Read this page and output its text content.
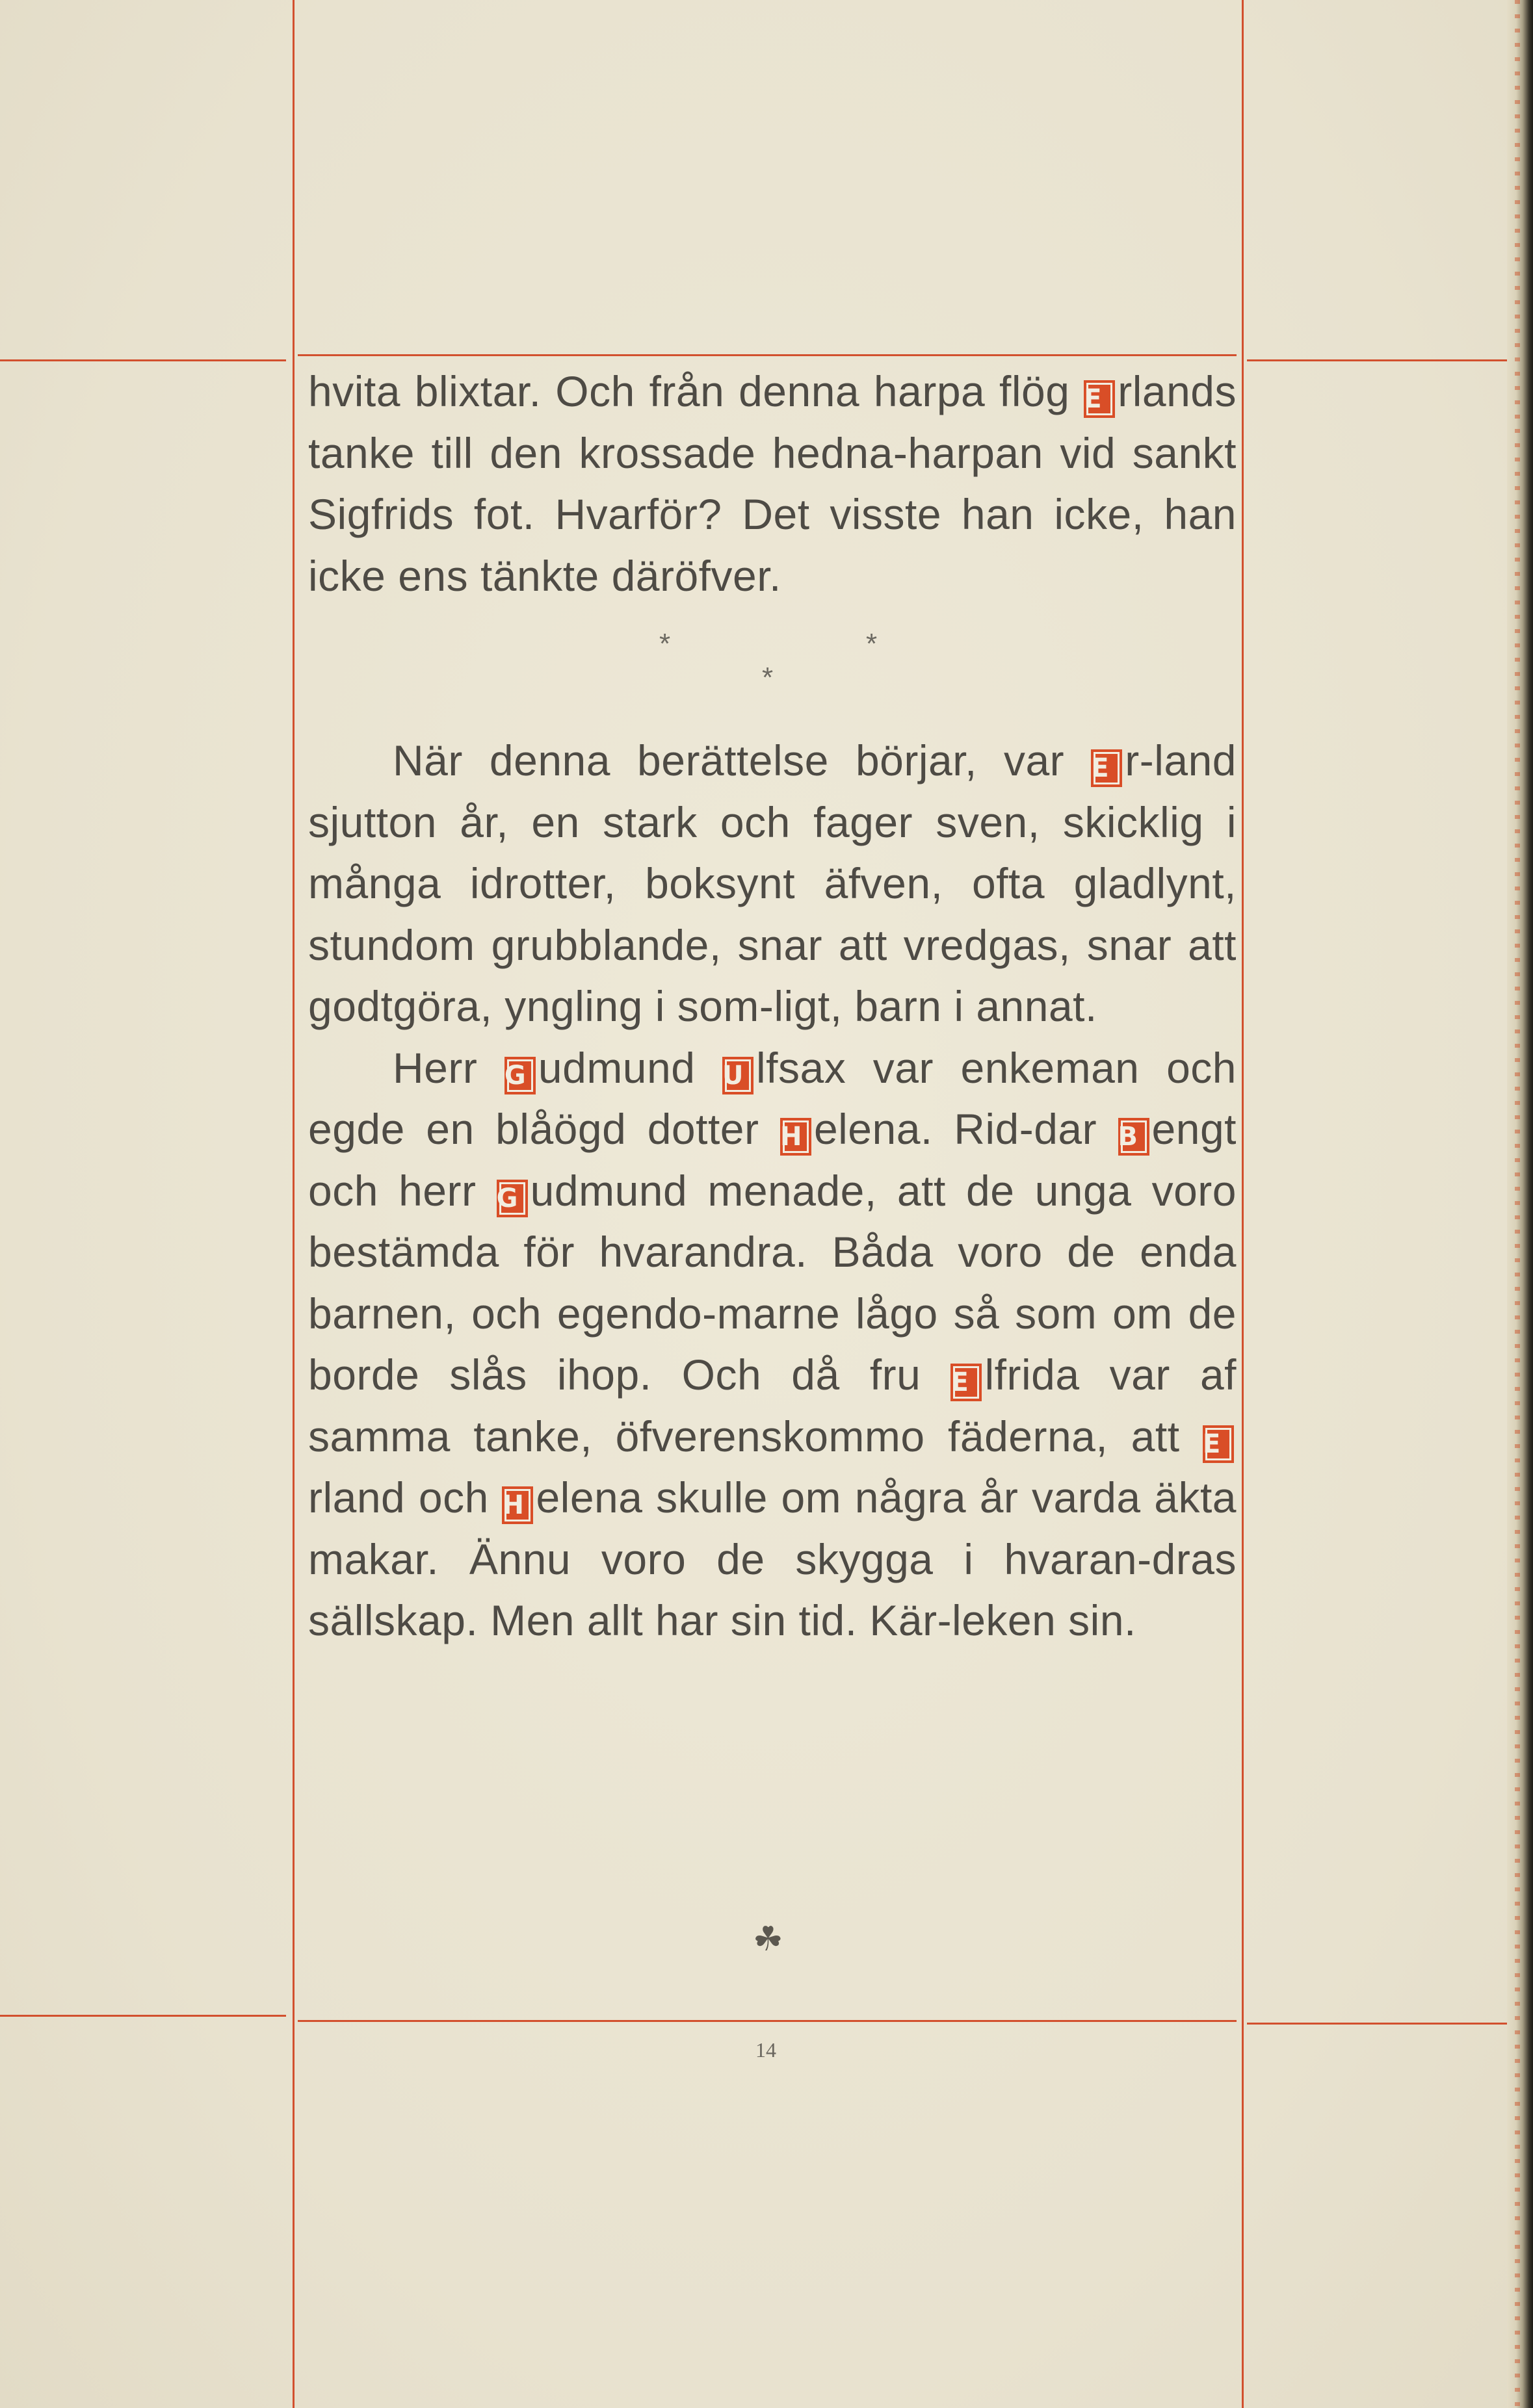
hvita blixtar. Och från denna harpa flög E rlands tanke till den krossade hedna-harpan vid sankt Sigfrids fot. Hvarför? Det visste han icke, han icke ens tänkte däröfver.

*	*
*

När denna berättelse börjar, var E r-land sjutton år, en stark och fager sven, skicklig i många idrotter, boksynt äfven, ofta gladlynt, stundom grubblande, snar att vredgas, snar att godtgöra, yngling i som-ligt, barn i annat.

Herr G udmund U lfsax var enkeman och egde en blåögd dotter H elena. Rid-dar B engt och herr G udmund menade, att de unga voro bestämda för hvarandra. Båda voro de enda barnen, och egendo-marne lågo så som om de borde slås ihop. Och då fru E lfrida var af samma tanke, öfverenskommo fäderna, att Erland och H elena skulle om några år varda äkta makar. Ännu voro de skygga i hvaran-dras sällskap. Men allt har sin tid. Kär-leken sin.

☘
14
